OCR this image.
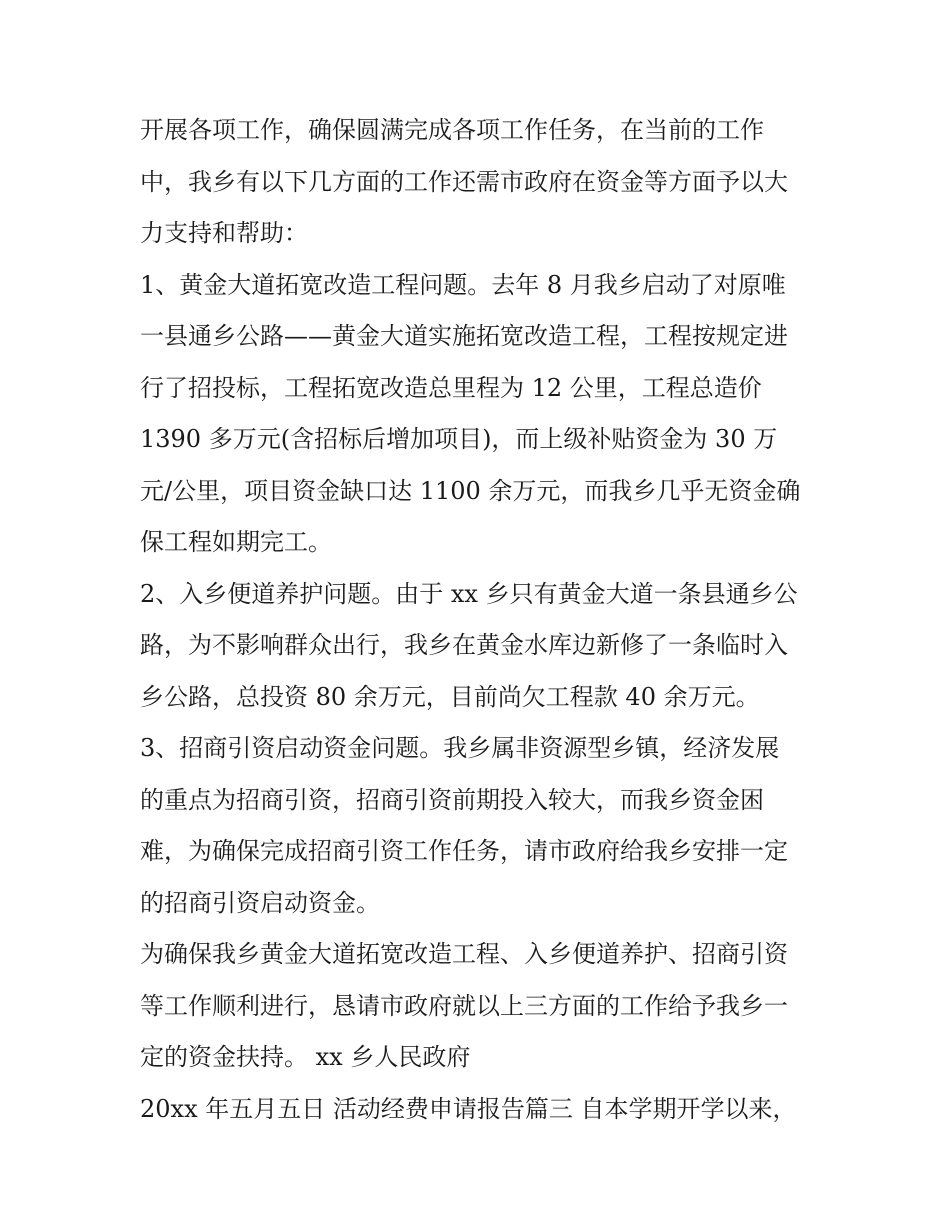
开展各项工作，确保圆满完成各项工作任务，在当前的工作
中，我乡有以下几方面的工作还需市政府在资金等方面予以大
力支持和帮助：
1、黄金大道拓宽改造工程问题。去年 8 月我乡启动了对原唯
一县通乡公路——黄金大道实施拓宽改造工程，工程按规定进
行了招投标，工程拓宽改造总里程为 12 公里，工程总造价
1390 多万元(含招标后增加项目)，而上级补贴资金为 30 万
元/公里，项目资金缺口达 1100 余万元，而我乡几乎无资金确
保工程如期完工。
2、入乡便道养护问题。由于 xx 乡只有黄金大道一条县通乡公
路，为不影响群众出行，我乡在黄金水库边新修了一条临时入
乡公路，总投资 80 余万元，目前尚欠工程款 40 余万元。
3、招商引资启动资金问题。我乡属非资源型乡镇，经济发展
的重点为招商引资，招商引资前期投入较大，而我乡资金困
难，为确保完成招商引资工作任务，请市政府给我乡安排一定
的招商引资启动资金。
为确保我乡黄金大道拓宽改造工程、入乡便道养护、招商引资
等工作顺利进行，恳请市政府就以上三方面的工作给予我乡一
定的资金扶持。 xx 乡人民政府
20xx 年五月五日 活动经费申请报告篇三 自本学期开学以来，
